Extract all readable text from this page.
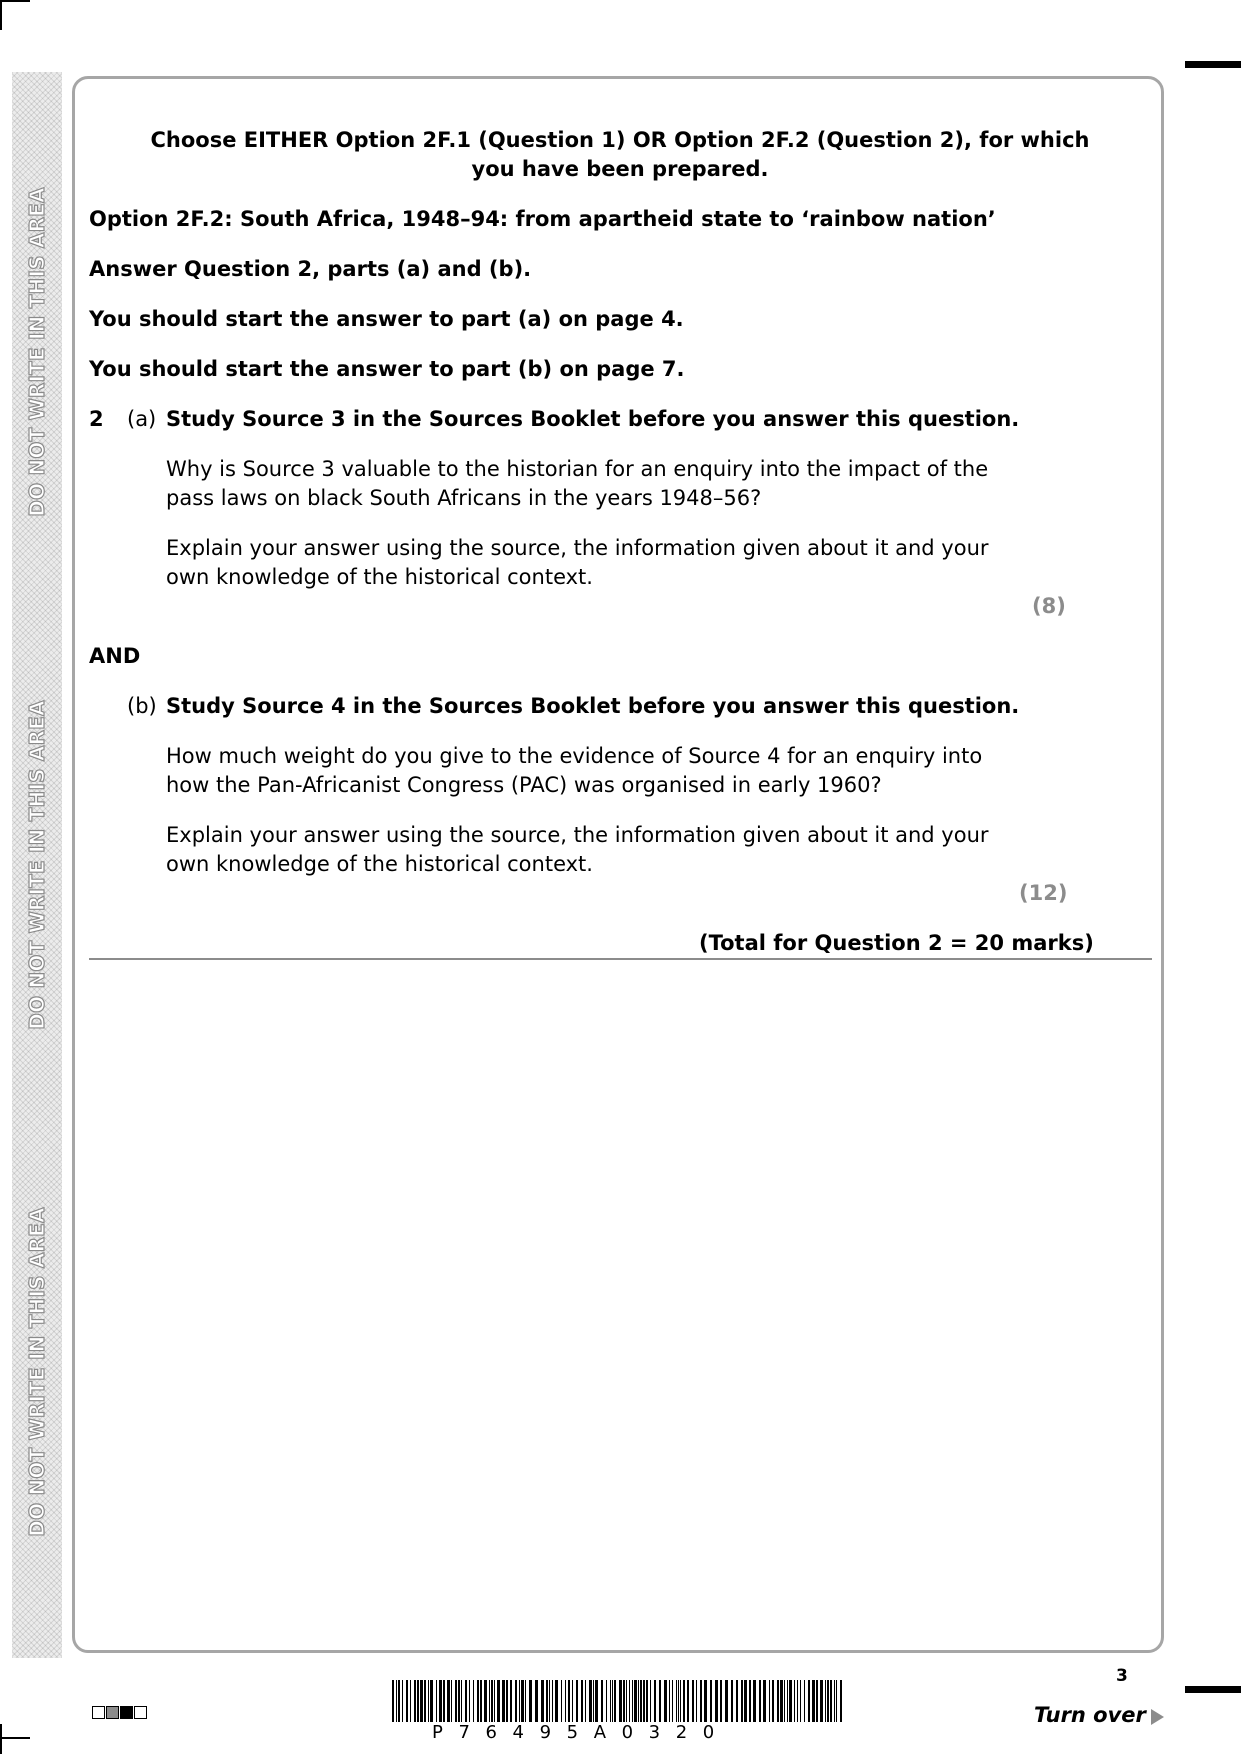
DO NOT WRITE IN THIS AREA
DO NOT WRITE IN THIS AREA
DO NOT WRITE IN THIS AREA
Choose EITHER Option 2F.1 (Question 1) OR Option 2F.2 (Question 2), for which
you have been prepared.
Option 2F.2: South Africa, 1948–94: from apartheid state to ‘rainbow nation’
Answer Question 2, parts (a) and (b).
You should start the answer to part (a) on page 4.
You should start the answer to part (b) on page 7.
2 (a) Study Source 3 in the Sources Booklet before you answer this question.
Why is Source 3 valuable to the historian for an enquiry into the impact of the
pass laws on black South Africans in the years 1948–56?
Explain your answer using the source, the information given about it and your
own knowledge of the historical context.
(8)
AND
(b) Study Source 4 in the Sources Booklet before you answer this question.
How much weight do you give to the evidence of Source 4 for an enquiry into
how the Pan-Africanist Congress (PAC) was organised in early 1960?
Explain your answer using the source, the information given about it and your
own knowledge of the historical context.
(12)
(Total for Question 2 = 20 marks)
P76495A0320
3
Turn over
